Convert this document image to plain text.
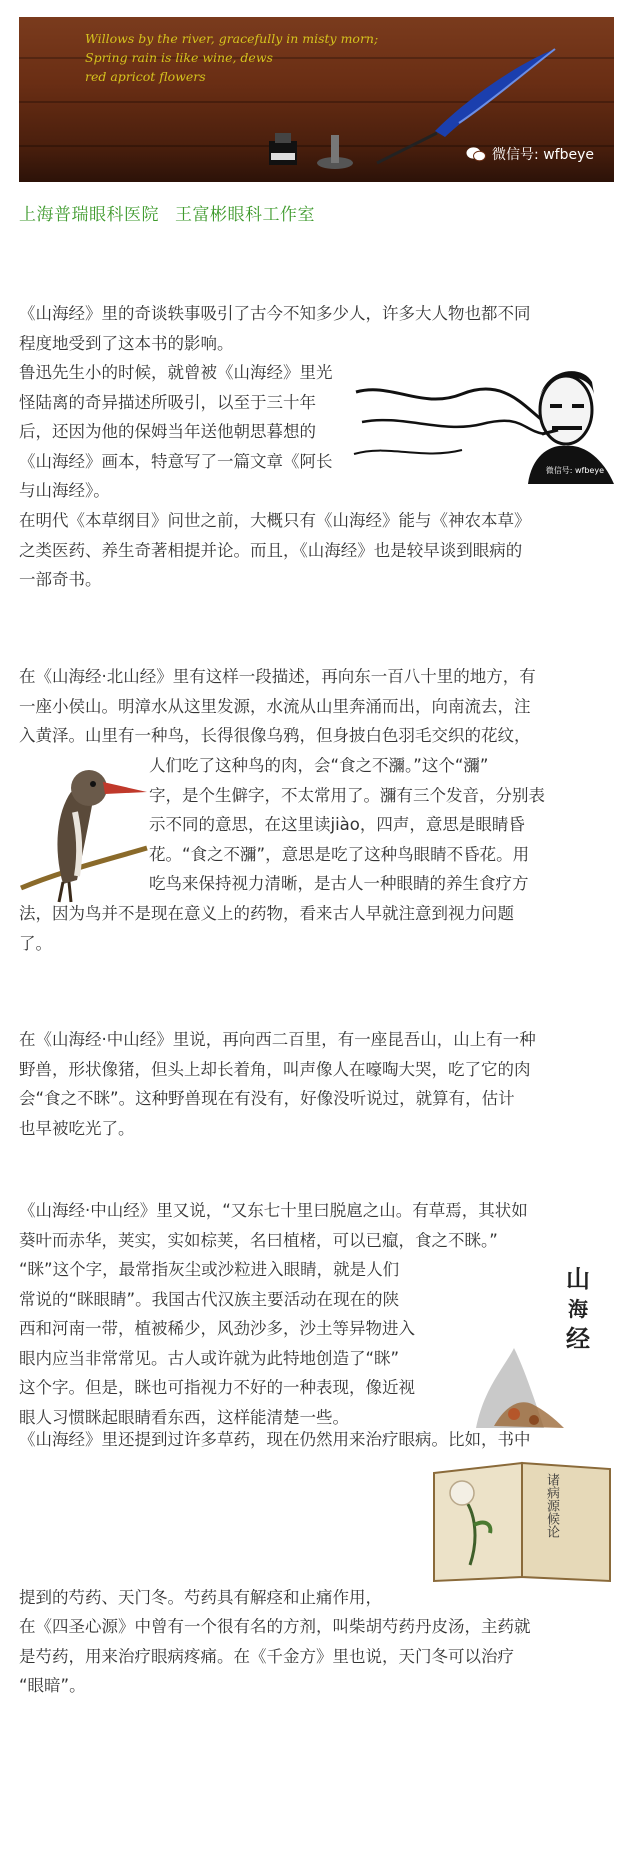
Willows by the river, gracefully in misty morn;
Spring rain is like wine, dews
red apricot flowers
微信号: wfbeye
上海普瑞眼科医院 王富彬眼科工作室
《山海经》里的奇谈轶事吸引了古今不知多少人，许多大人物也都不同
程度地受到了这本书的影响。
鲁迅先生小的时候，就曾被《山海经》里光
怪陆离的奇异描述所吸引，以至于三十年
后，还因为他的保姆当年送他朝思暮想的
《山海经》画本，特意写了一篇文章《阿长
与山海经》。
微信号: wfbeye
在明代《本草纲目》问世之前，大概只有《山海经》能与《神农本草》
之类医药、养生奇著相提并论。而且，《山海经》也是较早谈到眼病的
一部奇书。
在《山海经·北山经》里有这样一段描述，再向东一百八十里的地方，有
一座小侯山。明漳水从这里发源，水流从山里奔涌而出，向南流去，注
入黄泽。山里有一种鸟，长得很像乌鸦，但身披白色羽毛交织的花纹，
人们吃了这种鸟的肉，会“食之不瀰。”这个“瀰”
字，是个生僻字，不太常用了。瀰有三个发音，分别表
示不同的意思，在这里读jiào，四声，意思是眼睛昏
花。“食之不瀰”，意思是吃了这种鸟眼睛不昏花。用
吃鸟来保持视力清晰，是古人一种眼睛的养生食疗方
法，因为鸟并不是现在意义上的药物，看来古人早就注意到视力问题
了。
在《山海经·中山经》里说，再向西二百里，有一座昆吾山，山上有一种
野兽，形状像猪，但头上却长着角，叫声像人在嚎啕大哭，吃了它的肉
会“食之不眯”。这种野兽现在有没有，好像没听说过，就算有，估计
也早被吃光了。
《山海经·中山经》里又说，“又东七十里曰脱扈之山。有草焉，其状如
葵叶而赤华，荚实，实如棕荚，名曰植楮，可以已癙，食之不眯。”
“眯”这个字，最常指灰尘或沙粒进入眼睛，就是人们
常说的“眯眼睛”。我国古代汉族主要活动在现在的陕
西和河南一带，植被稀少，风劲沙多，沙土等异物进入
眼内应当非常常见。古人或许就为此特地创造了“眯”
这个字。但是，眯也可指视力不好的一种表现，像近视
眼人习惯眯起眼睛看东西，这样能清楚一些。
山
海
经
《山海经》里还提到过许多草药，现在仍然用来治疗眼病。比如，书中
诸病源候论
提到的芍药、天门冬。芍药具有解痉和止痛作用，
在《四圣心源》中曾有一个很有名的方剂，叫柴胡芍药丹皮汤，主药就
是芍药，用来治疗眼病疼痛。在《千金方》里也说，天门冬可以治疗
“眼暗”。
